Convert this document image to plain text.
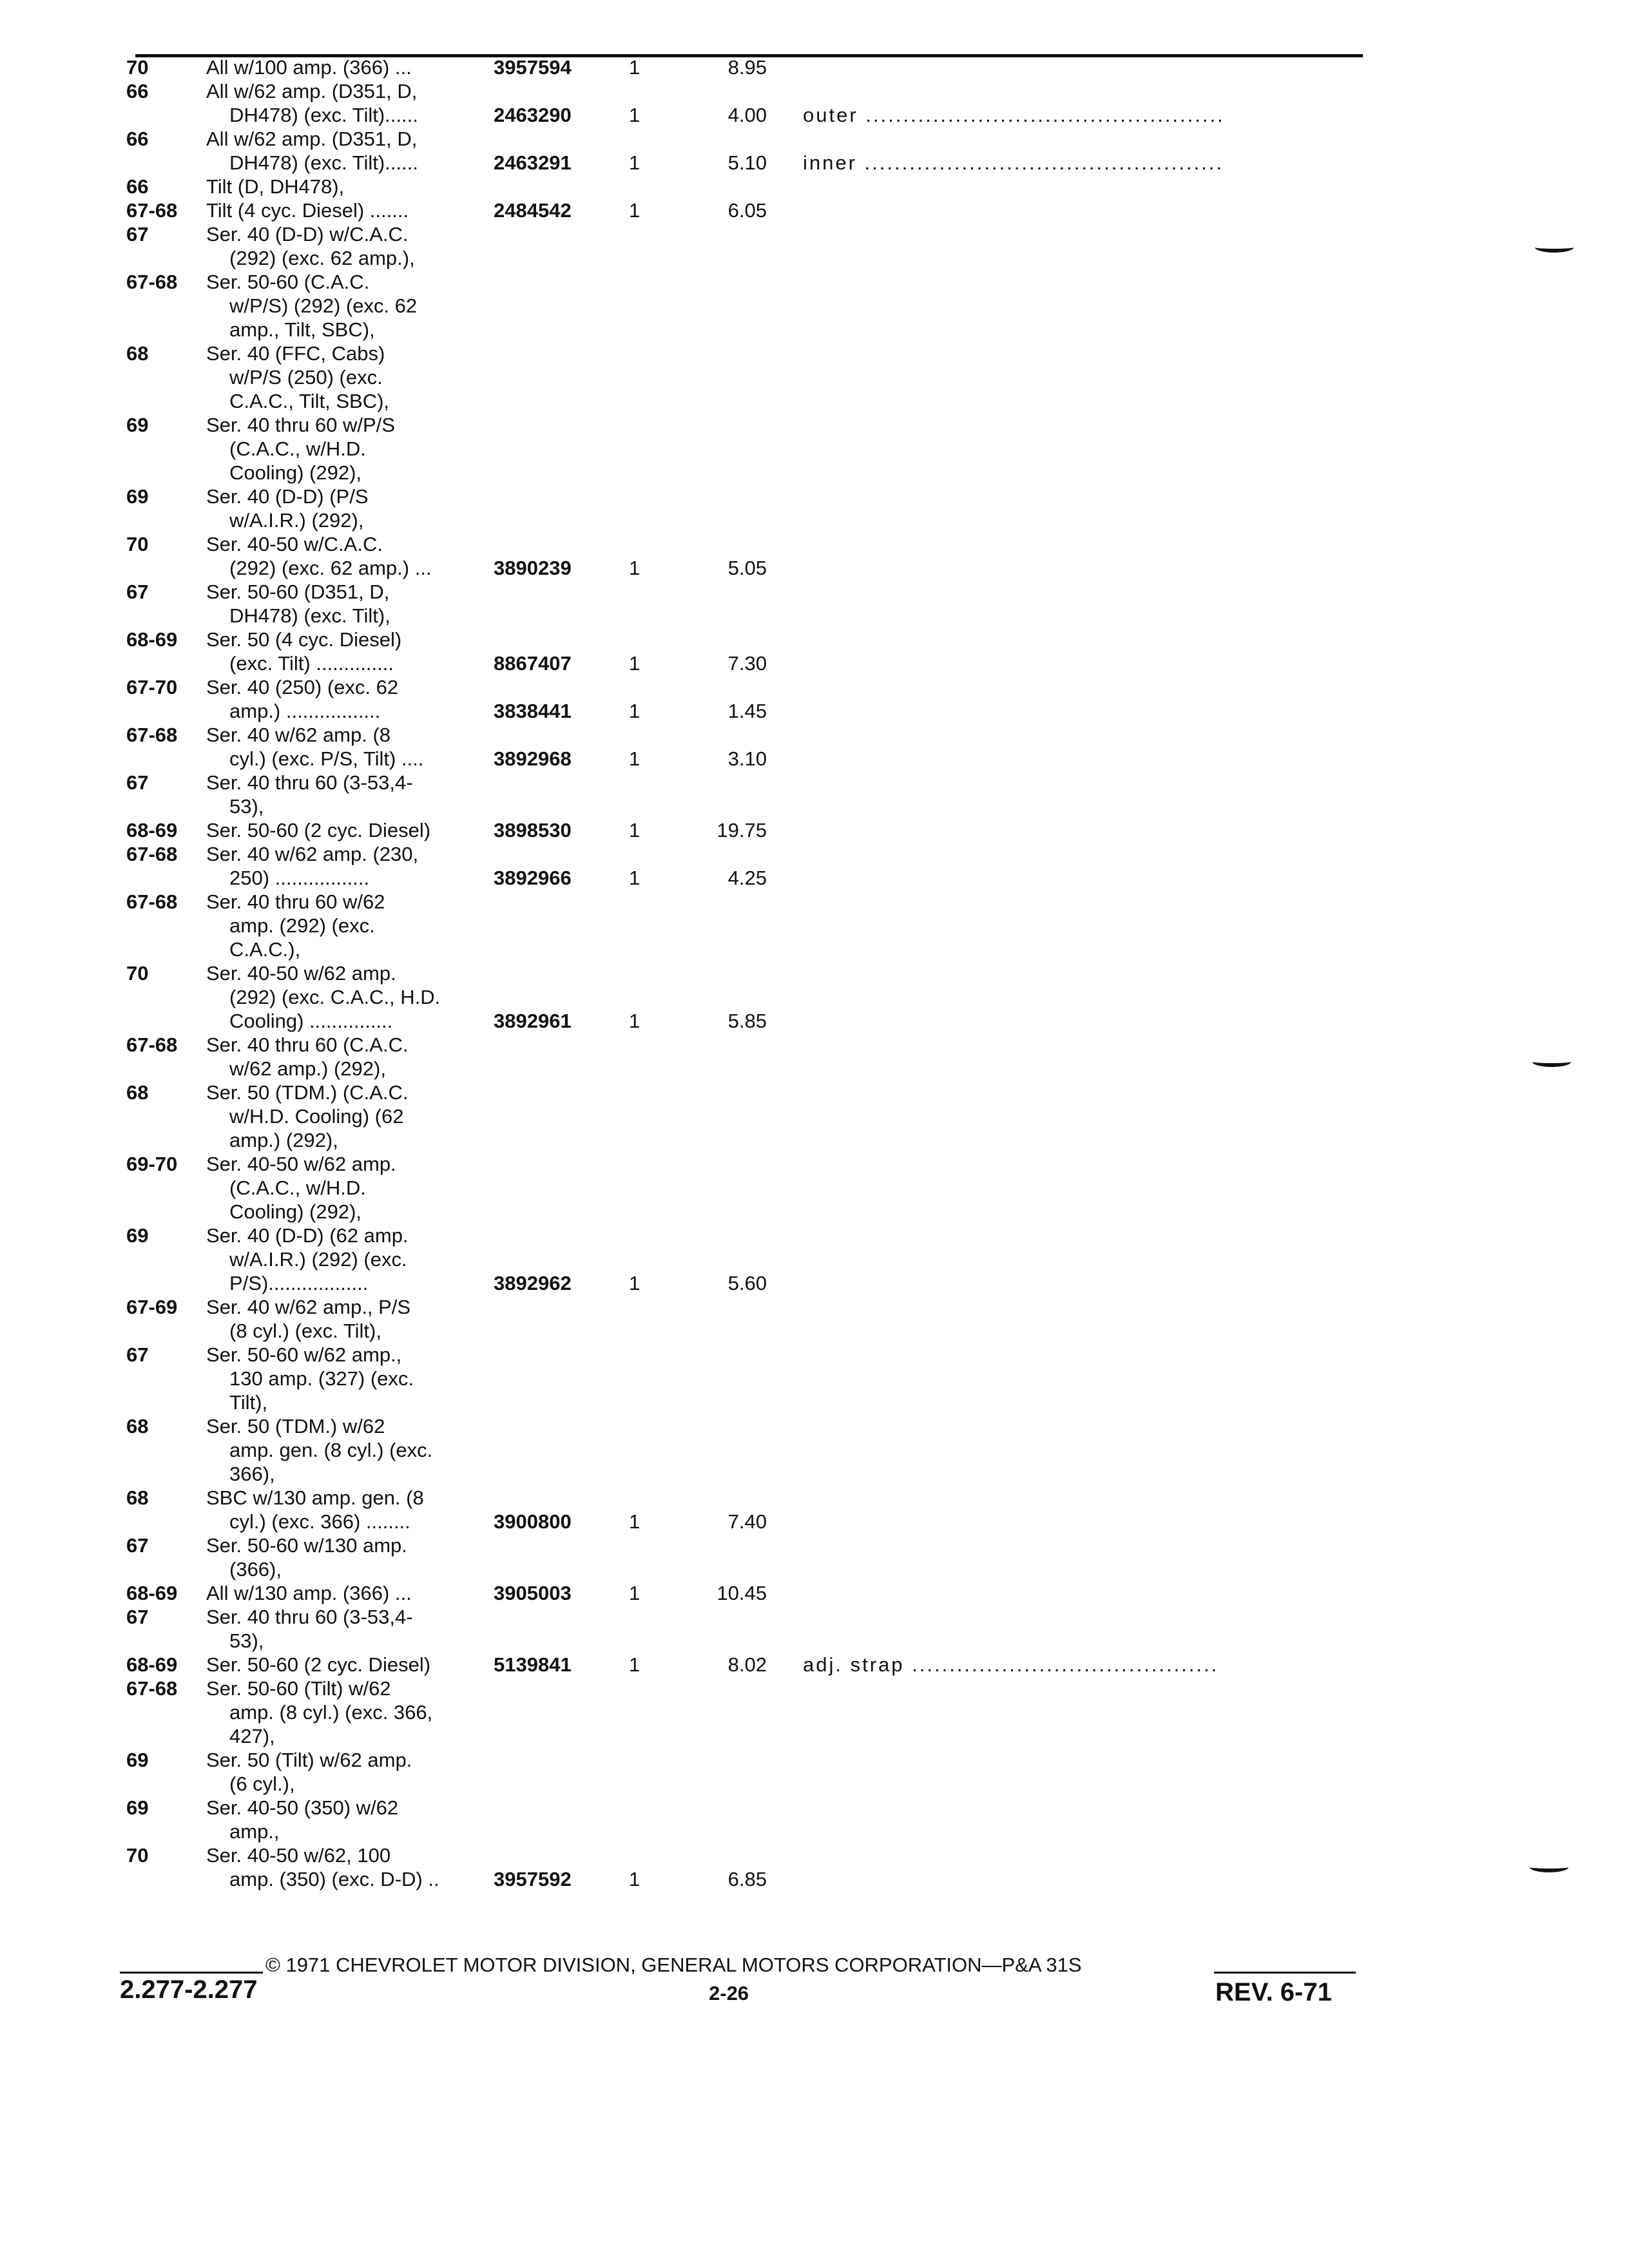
70	All w/100 amp. (366) ...	3957594	1	8.95
66	All w/62 amp. (D351, D,
DH478) (exc. Tilt)......	2463290	1	4.00 outer ................................................
66	All w/62 amp. (D351, D,
DH478) (exc. Tilt)......	2463291	1	5.10 inner ................................................
66	Tilt (D, DH478),
67-68 Tilt (4 cyc. Diesel) .......	2484542	1	6.05
67	Ser. 40 (D-D) w/C.A.C.
(292) (exc. 62 amp.),
67-68 Ser. 50-60 (C.A.C.
w/P/S) (292) (exc. 62
amp., Tilt, SBC),
68	Ser. 40 (FFC, Cabs)
w/P/S (250) (exc.
C.A.C., Tilt, SBC),
69	Ser. 40 thru 60 w/P/S
(C.A.C., w/H.D.
Cooling) (292),
69	Ser. 40 (D-D) (P/S
w/A.I.R.) (292),
70	Ser. 40-50 w/C.A.C.
(292) (exc. 62 amp.) ...	3890239	1	5.05
67	Ser. 50-60 (D351, D,
DH478) (exc. Tilt),
68-69 Ser. 50 (4 cyc. Diesel)
(exc. Tilt) ..............	8867407	1	7.30
67-70 Ser. 40 (250) (exc. 62
amp.) .................	3838441	1	1.45
67-68 Ser. 40 w/62 amp. (8
cyl.) (exc. P/S, Tilt) ....	3892968	1	3.10
67	Ser. 40 thru 60 (3-53,4-
53),
68-69 Ser. 50-60 (2 cyc. Diesel)	3898530	1	19.75
67-68 Ser. 40 w/62 amp. (230,
250) .................	3892966	1	4.25
67-68 Ser. 40 thru 60 w/62
amp. (292) (exc.
C.A.C.),
70	Ser. 40-50 w/62 amp.
(292) (exc. C.A.C., H.D.
Cooling) ...............	3892961	1	5.85
67-68 Ser. 40 thru 60 (C.A.C.
w/62 amp.) (292),
68	Ser. 50 (TDM.) (C.A.C.
w/H.D. Cooling) (62
amp.) (292),
69-70 Ser. 40-50 w/62 amp.
(C.A.C., w/H.D.
Cooling) (292),
69	Ser. 40 (D-D) (62 amp.
w/A.I.R.) (292) (exc.
P/S)..................	3892962	1	5.60
67-69 Ser. 40 w/62 amp., P/S
(8 cyl.) (exc. Tilt),
67	Ser. 50-60 w/62 amp.,
130 amp. (327) (exc.
Tilt),
68	Ser. 50 (TDM.) w/62
amp. gen. (8 cyl.) (exc.
366),
68	SBC w/130 amp. gen. (8
cyl.) (exc. 366) ........	3900800	1	7.40
67	Ser. 50-60 w/130 amp.
(366),
68-69 All w/130 amp. (366) ...	3905003	1	10.45
67	Ser. 40 thru 60 (3-53,4-
53),
68-69 Ser. 50-60 (2 cyc. Diesel)	5139841	1	8.02 adj. strap .........................................
67-68 Ser. 50-60 (Tilt) w/62
amp. (8 cyl.) (exc. 366,
427),
69	Ser. 50 (Tilt) w/62 amp.
(6 cyl.),
69	Ser. 40-50 (350) w/62
amp.,
70	Ser. 40-50 w/62, 100
amp. (350) (exc. D-D) ..	3957592	1	6.85
© 1971 CHEVROLET MOTOR DIVISION, GENERAL MOTORS CORPORATION—P&A 31S
2.277-2.277	2-26	REV. 6-71
